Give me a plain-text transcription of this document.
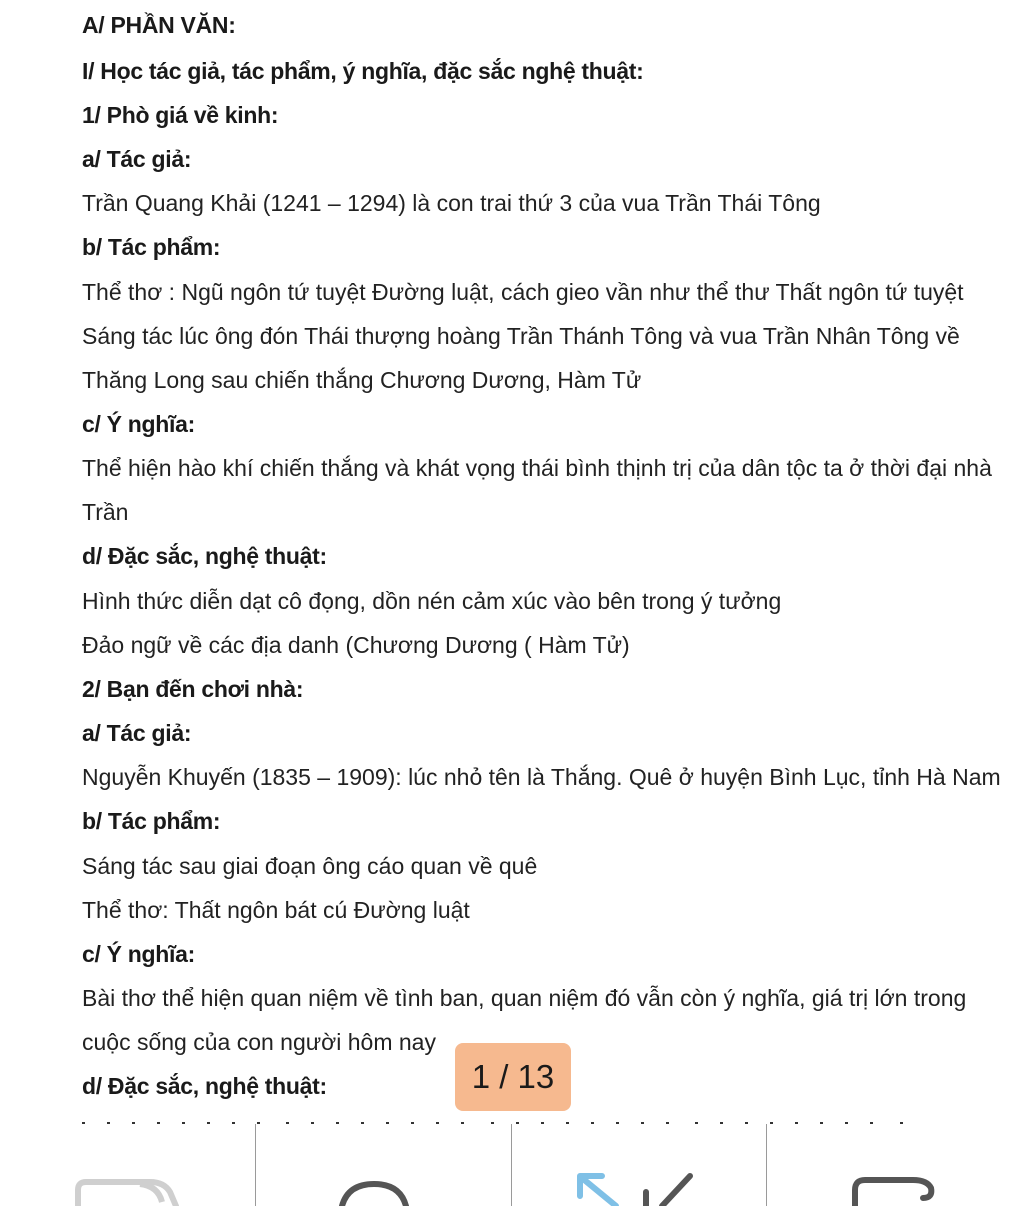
A/ PHẦN VĂN:
I/ Học tác giả, tác phẩm, ý nghĩa, đặc sắc nghệ thuật:
1/ Phò giá về kinh:
a/ Tác giả:
Trần Quang Khải (1241 – 1294) là con trai thứ 3 của vua Trần Thái Tông
b/ Tác phẩm:
Thể thơ : Ngũ ngôn tứ tuyệt Đường luật, cách gieo vần như thể thư Thất ngôn tứ tuyệt
Sáng tác lúc ông đón Thái thượng hoàng Trần Thánh Tông và vua Trần Nhân Tông về
Thăng Long sau chiến thắng Chương Dương, Hàm Tử
c/ Ý nghĩa:
Thể hiện hào khí chiến thắng và khát vọng thái bình thịnh trị của dân tộc ta ở thời đại nhà
Trần
d/ Đặc sắc, nghệ thuật:
Hình thức diễn dạt cô đọng, dồn nén cảm xúc vào bên trong ý tưởng
Đảo ngữ về các địa danh (Chương Dương ( Hàm Tử)
2/ Bạn đến chơi nhà:
a/ Tác giả:
Nguyễn Khuyến (1835 – 1909): lúc nhỏ tên là Thắng. Quê ở huyện Bình Lục, tỉnh Hà Nam
b/ Tác phẩm:
Sáng tác sau giai đoạn ông cáo quan về quê
Thể thơ: Thất ngôn bát cú Đường luật
c/ Ý nghĩa:
Bài thơ thể hiện quan niệm về tình ban, quan niệm đó vẫn còn ý nghĩa, giá trị lớn trong
cuộc sống của con người hôm nay
d/ Đặc sắc, nghệ thuật:
	1 / 13
